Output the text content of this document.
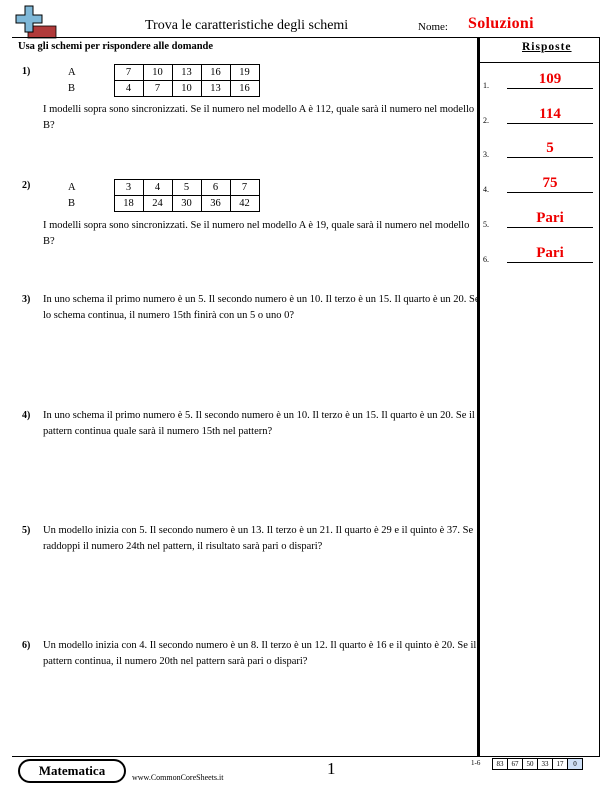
Trova le caratteristiche degli schemi	Nome: Soluzioni
Usa gli schemi per rispondere alle domande	Risposte
1.	109
2.	114
3.	5
4.	75
5.	Pari
6.	Pari
1)	A	7	10	13	16	19
B	4	7	10	13	16
I modelli sopra sono sincronizzati. Se il numero nel modello A è 112, quale sarà il numero nel modello B?
2)	A	3	4	5	6	7
B	18	24	30	36	42
I modelli sopra sono sincronizzati. Se il numero nel modello A è 19, quale sarà il numero nel modello B?
3) In uno schema il primo numero è un 5. Il secondo numero è un 10. Il terzo è un 15. Il quarto è un 20. Se lo schema continua, il numero 15th finirà con un 5 o uno 0?
4) In uno schema il primo numero è 5. Il secondo numero è un 10. Il terzo è un 15. Il quarto è un 20. Se il pattern continua quale sarà il numero 15th nel pattern?
5) Un modello inizia con 5. Il secondo numero è un 13. Il terzo è un 21. Il quarto è 29 e il quinto è 37. Se raddoppi il numero 24th nel pattern, il risultato sarà pari o dispari?
6) Un modello inizia con 4. Il secondo numero è un 8. Il terzo è un 12. Il quarto è 16 e il quinto è 20. Se il pattern continua, il numero 20th nel pattern sarà pari o dispari?
Matematica	www.CommonCoreSheets.it	1	1-6 83	67	50	33	17	0
